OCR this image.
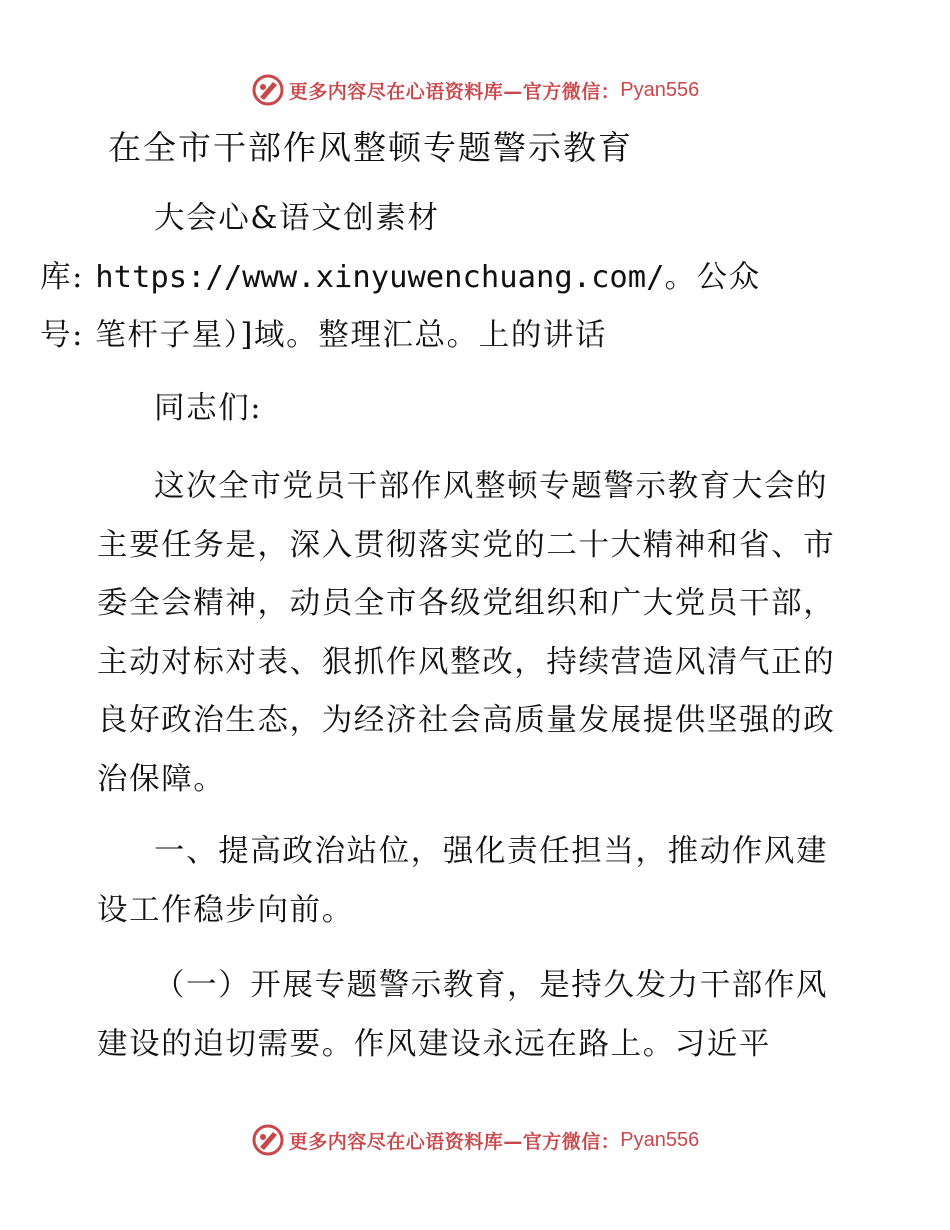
更多内容尽在心语资料库—官方微信： Pyan556
在全市干部作风整顿专题警示教育

大会心&语文创素材
库: https://www.xinyuwenchuang.com/。公众
号: 笔杆子星）]域。整理汇总。上的讲话

同志们:

这次全市党员干部作风整顿专题警示教育大会的主要任务是，深入贯彻落实党的二十大精神和省、市委全会精神，动员全市各级党组织和广大党员干部，主动对标对表、狠抓作风整改，持续营造风清气正的良好政治生态，为经济社会高质量发展提供坚强的政治保障。

一、提高政治站位，强化责任担当，推动作风建设工作稳步向前。

（一）开展专题警示教育，是持久发力干部作风建设的迫切需要。作风建设永远在路上。习近平

更多内容尽在心语资料库—官方微信： Pyan556
